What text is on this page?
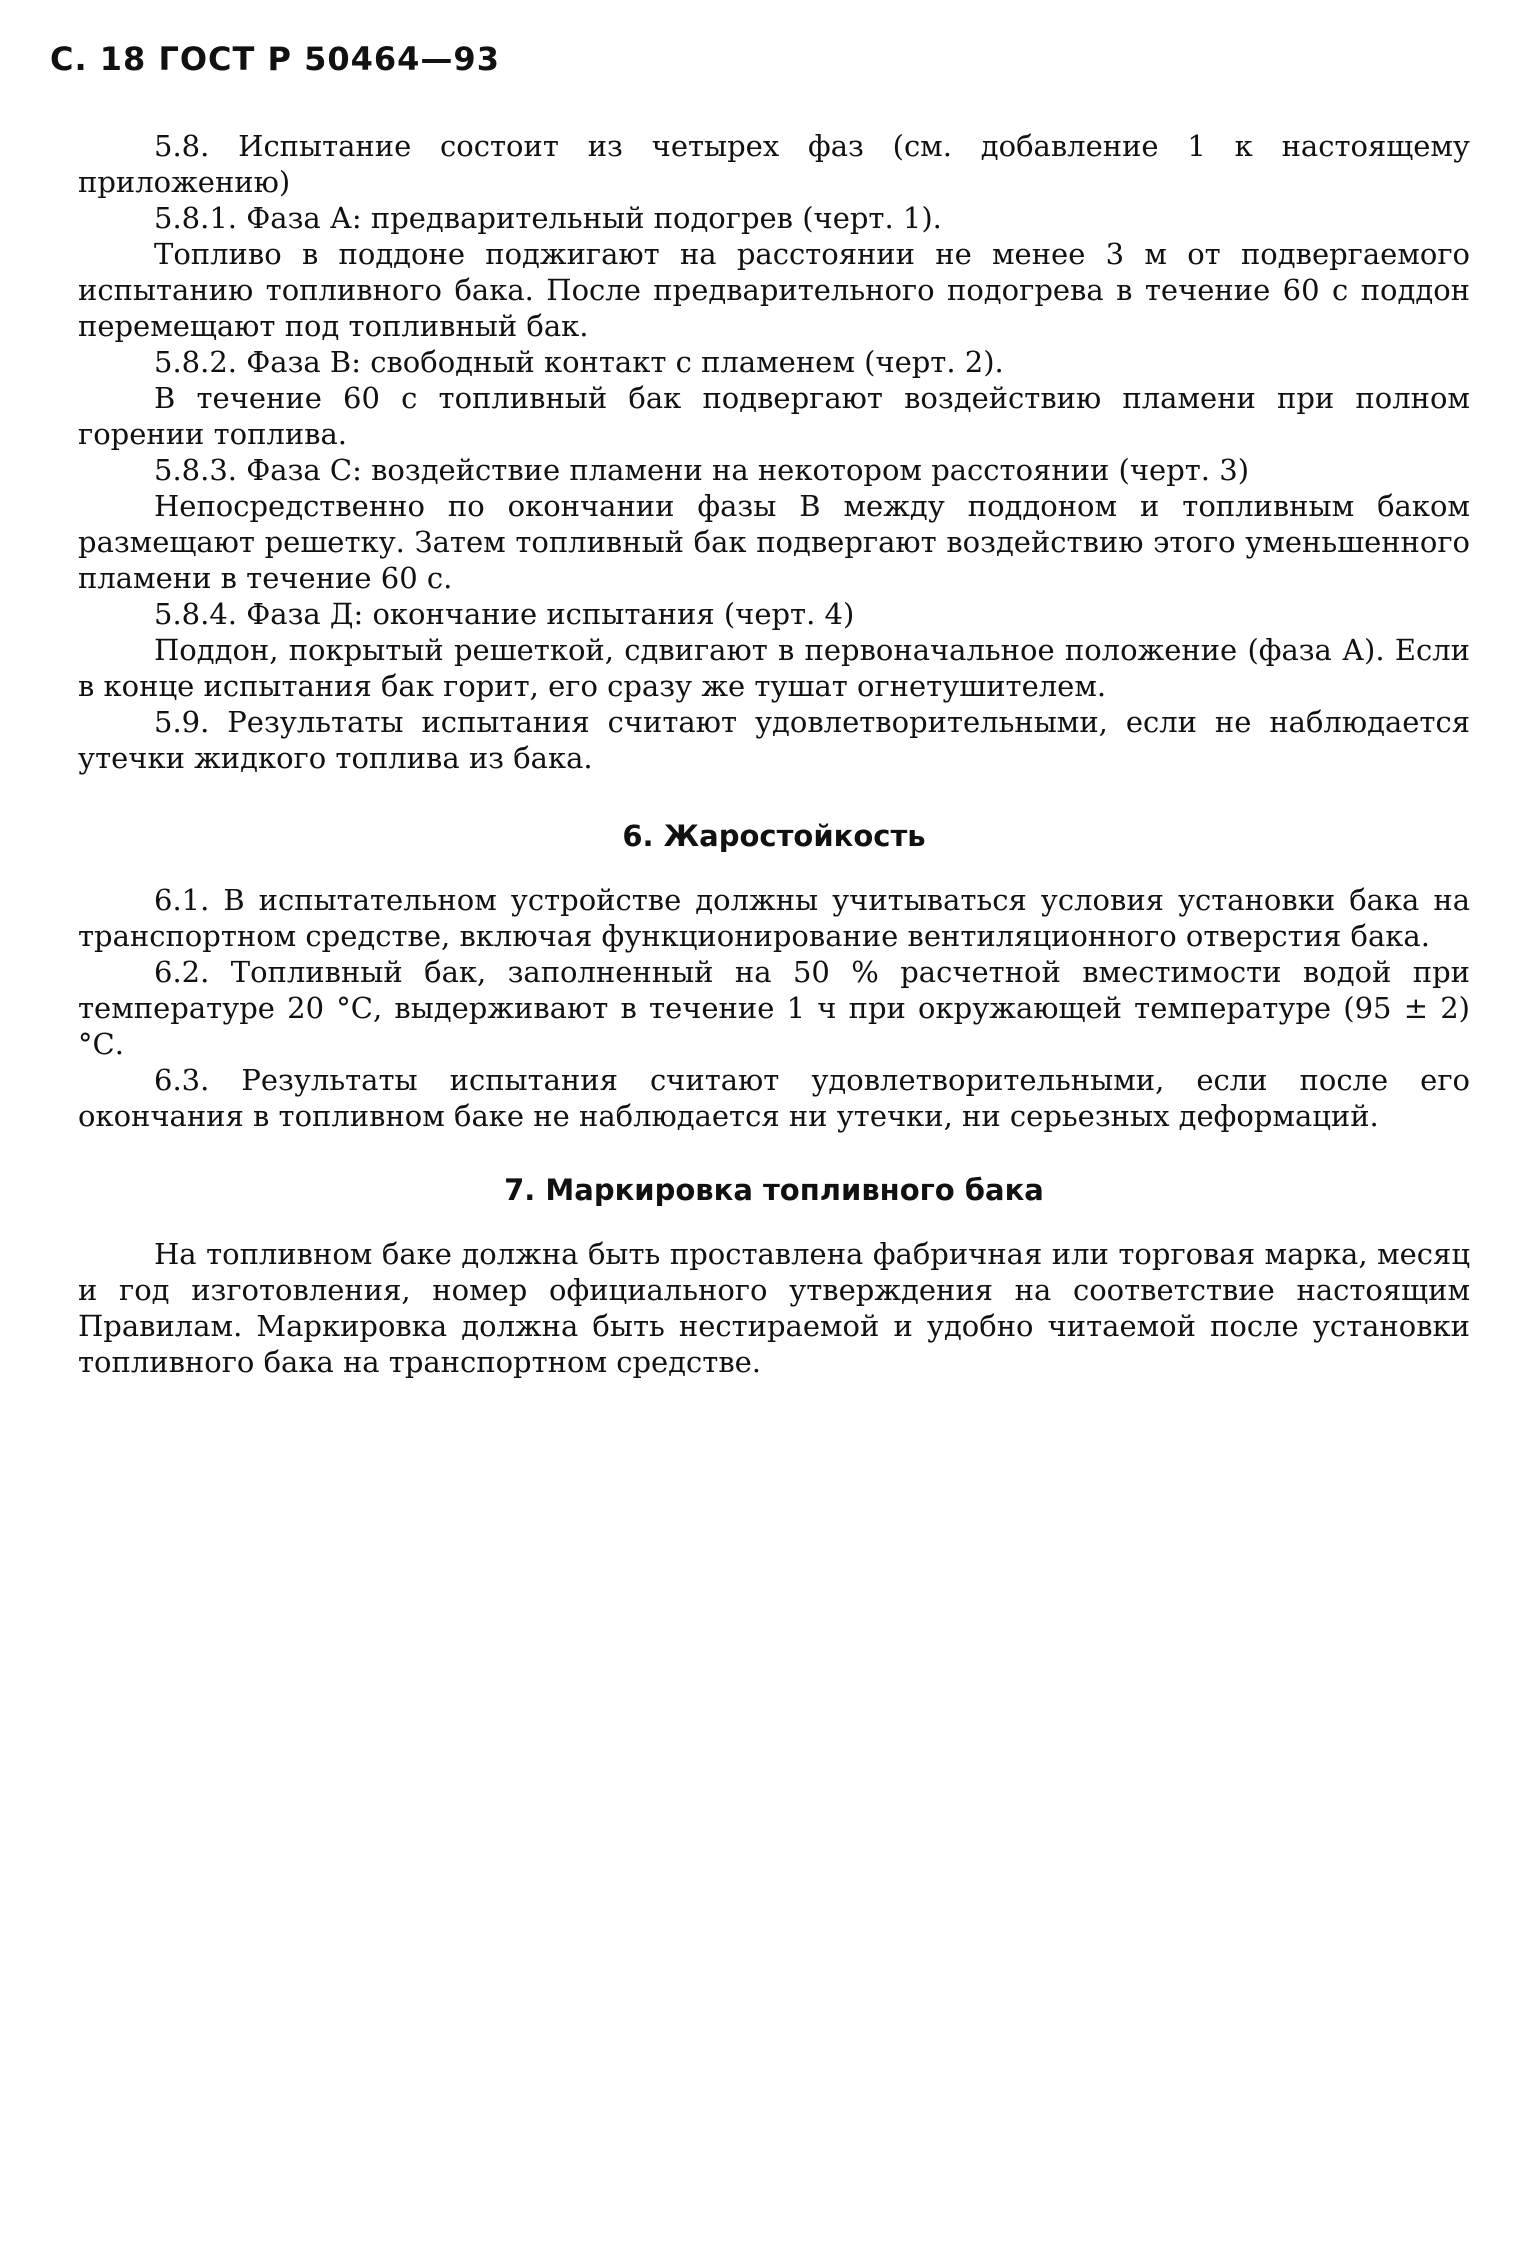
С. 18 ГОСТ Р 50464—93

5.8. Испытание состоит из четырех фаз (см. добавление 1 к настоящему приложению)

5.8.1. Фаза А: предварительный подогрев (черт. 1).

Топливо в поддоне поджигают на расстоянии не менее 3 м от подвергаемого испытанию топливного бака. После предварительного подогрева в течение 60 с поддон перемещают под топливный бак.

5.8.2. Фаза В: свободный контакт с пламенем (черт. 2).

В течение 60 с топливный бак подвергают воздействию пламени при полном горении топлива.

5.8.3. Фаза С: воздействие пламени на некотором расстоянии (черт. 3)

Непосредственно по окончании фазы В между поддоном и топливным баком размещают решетку. Затем топливный бак подвергают воздействию этого уменьшенного пламени в течение 60 с.

5.8.4. Фаза Д: окончание испытания (черт. 4)

Поддон, покрытый решеткой, сдвигают в первоначальное положение (фаза А). Если в конце испытания бак горит, его сразу же тушат огнетушителем.

5.9. Результаты испытания считают удовлетворительными, если не наблюдается утечки жидкого топлива из бака.

6. Жаростойкость

6.1. В испытательном устройстве должны учитываться условия установки бака на транспортном средстве, включая функционирование вентиляционного отверстия бака.

6.2. Топливный бак, заполненный на 50 % расчетной вместимости водой при температуре 20 °С, выдерживают в течение 1 ч при окружающей температуре (95 ± 2) °С.

6.3. Результаты испытания считают удовлетворительными, если после его окончания в топливном баке не наблюдается ни утечки, ни серьезных деформаций.

7. Маркировка топливного бака

На топливном баке должна быть проставлена фабричная или торговая марка, месяц и год изготовления, номер официального утверждения на соответствие настоящим Правилам. Маркировка должна быть нестираемой и удобно читаемой после установки топливного бака на транспортном средстве.
